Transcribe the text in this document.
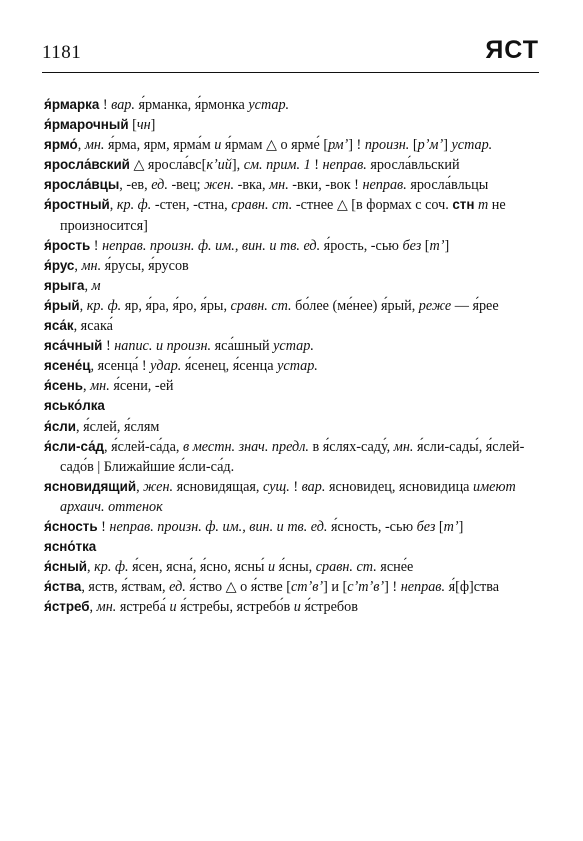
1181	ЯСТ

я́рмарка ! вар. я́рманка, я́рмонка устар.

я́рмарочный [чн]

ярмо́, мн. я́рма, ярм, ярма́м и я́рмам △ о ярме́ [рмʼ] ! произн. [рʼмʼ] устар.

яросла́вский △ яросла́вс[кʼий], см. прим. 1 ! неправ. яросла́вльский

яросла́вцы, -ев, ед. -вец; жен. -вка, мн. -вки, -вок ! неправ. яросла́вльцы

я́ростный, кр. ф. -стен, -стна, сравн. ст. -стнее △ [в формах с соч. стн т не произносится]

я́рость ! неправ. произн. ф. им., вин. и тв. ед. я́рость, -сью без [тʼ]

я́рус, мн. я́русы, я́русов

ярыга, м

я́рый, кр. ф. яр, я́ра, я́ро, я́ры, сравн. ст. бо́лее (ме́нее) я́рый, реже — я́рее

яса́к, ясака́

яса́чный ! напис. и произн. яса́шный устар.

ясене́ц, ясенца́ ! удар. я́сенец, я́сенца устар.

я́сень, мн. я́сени, -ей

ясько́лка

я́сли, я́слей, я́слям

я́сли-са́д, я́слей-са́да, в местн. знач. предл. в я́слях-саду́, мн. я́сли-сады́, я́слей-садо́в | Ближайшие я́сли-са́д.

ясновидящий, жен. ясновидящая, сущ. ! вар. ясновидец, ясновидица имеют архаич. оттенок

я́сность ! неправ. произн. ф. им., вин. и тв. ед. я́сность, -сью без [тʼ]

ясно́тка

я́сный, кр. ф. я́сен, ясна́, я́сно, ясны́ и я́сны, сравн. ст. ясне́е

я́ства, яств, я́ствам, ед. я́ство △ о я́стве [стʼвʼ] и [сʼтʼвʼ] ! неправ. я́[ф]ства

я́стреб, мн. ястреба́ и я́стребы, ястребо́в и я́стребов
